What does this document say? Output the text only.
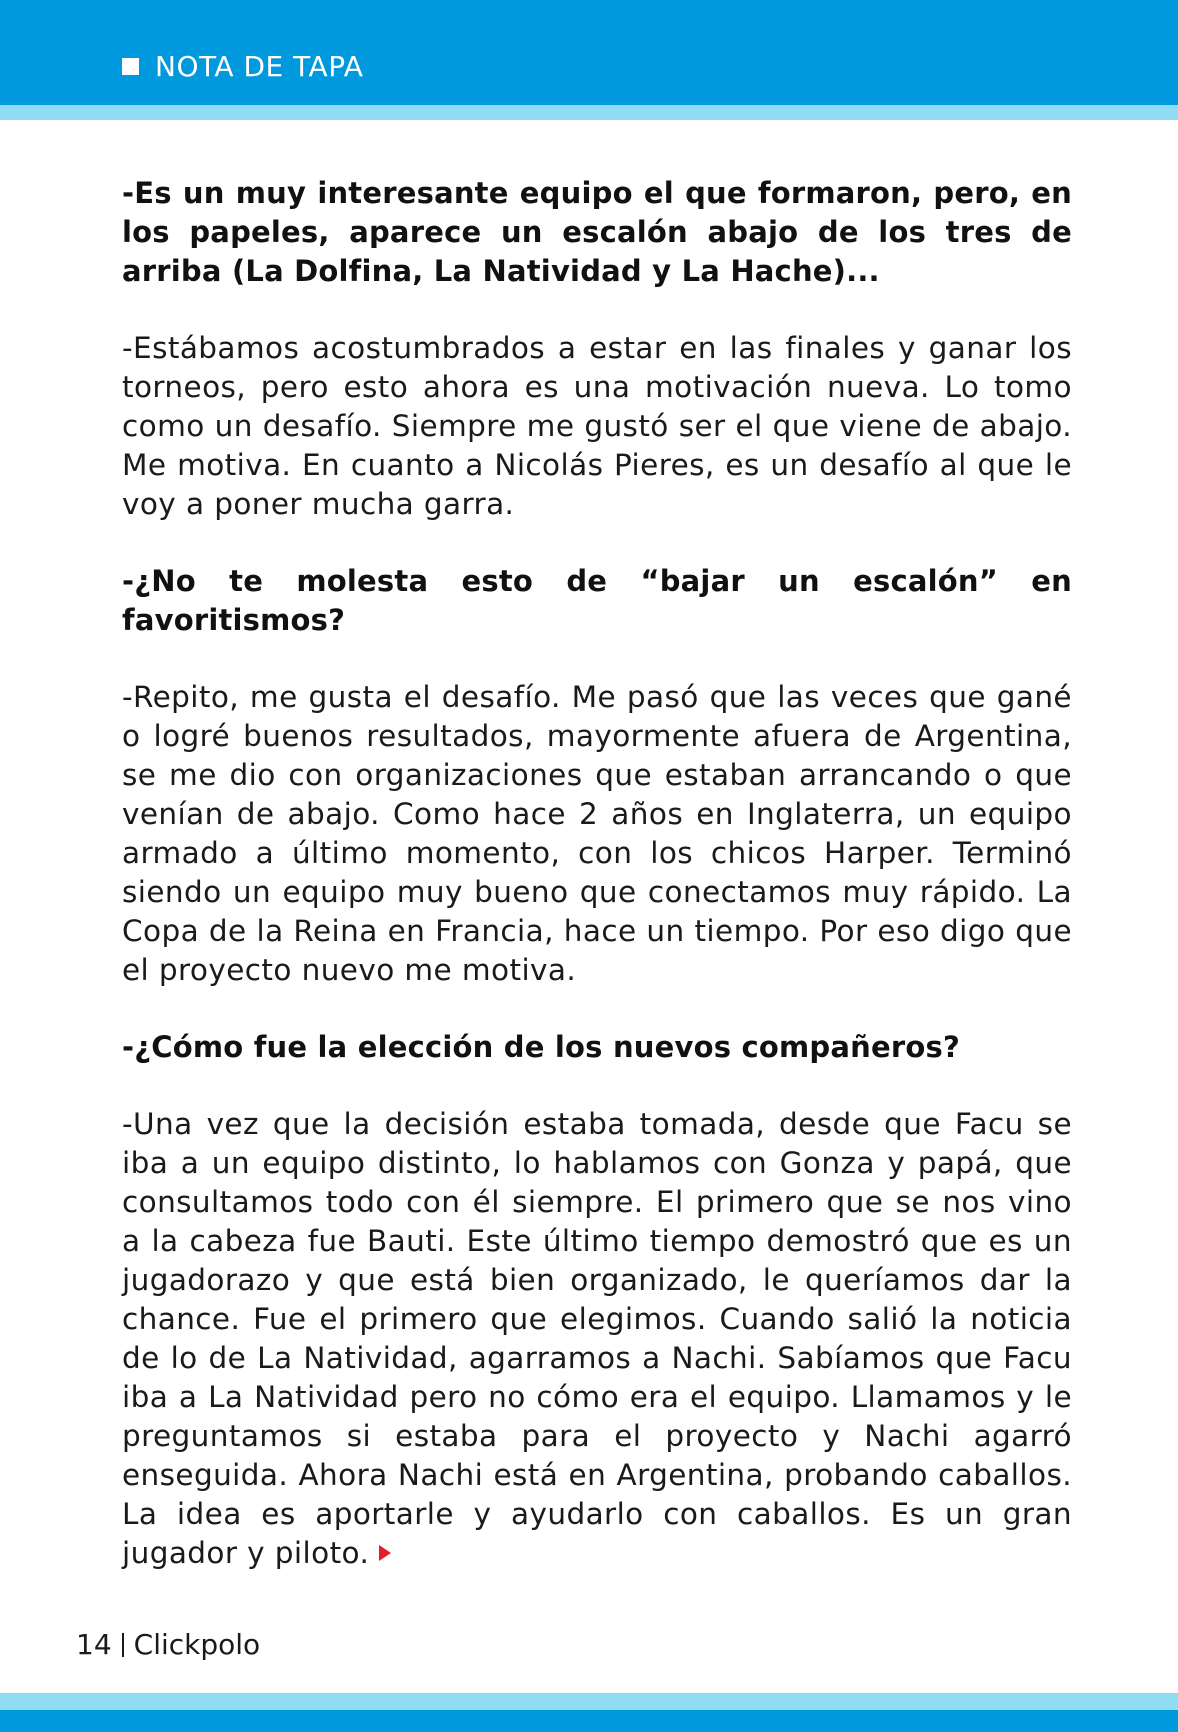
NOTA DE TAPA

-Es un muy interesante equipo el que formaron, pero, en los papeles, aparece un escalón abajo de los tres de arriba (La Dolfina, La Natividad y La Hache)...

-Estábamos acostumbrados a estar en las finales y ganar los torneos, pero esto ahora es una motivación nueva. Lo tomo como un desafío. Siempre me gustó ser el que viene de abajo. Me motiva. En cuanto a Nicolás Pieres, es un desafío al que le voy a poner mucha garra.

-¿No te molesta esto de “bajar un escalón” en favoritismos?

-Repito, me gusta el desafío. Me pasó que las veces que gané o logré buenos resultados, mayormente afuera de Argentina, se me dio con organizaciones que estaban arrancando o que venían de abajo. Como hace 2 años en Inglaterra, un equipo armado a último momento, con los chicos Harper. Terminó siendo un equipo muy bueno que conectamos muy rápido. La Copa de la Reina en Francia, hace un tiempo. Por eso digo que el proyecto nuevo me motiva.

-¿Cómo fue la elección de los nuevos compañeros?

-Una vez que la decisión estaba tomada, desde que Facu se iba a un equipo distinto, lo hablamos con Gonza y papá, que consultamos todo con él siempre. El primero que se nos vino a la cabeza fue Bauti. Este último tiempo demostró que es un jugadorazo y que está bien organizado, le queríamos dar la chance. Fue el primero que elegimos. Cuando salió la noticia de lo de La Natividad, agarramos a Nachi. Sabíamos que Facu iba a La Natividad pero no cómo era el equipo. Llamamos y le preguntamos si estaba para el proyecto y Nachi agarró enseguida. Ahora Nachi está en Argentina, probando caballos. La idea es aportarle y ayudarlo con caballos. Es un gran jugador y piloto.

14 Clickpolo
